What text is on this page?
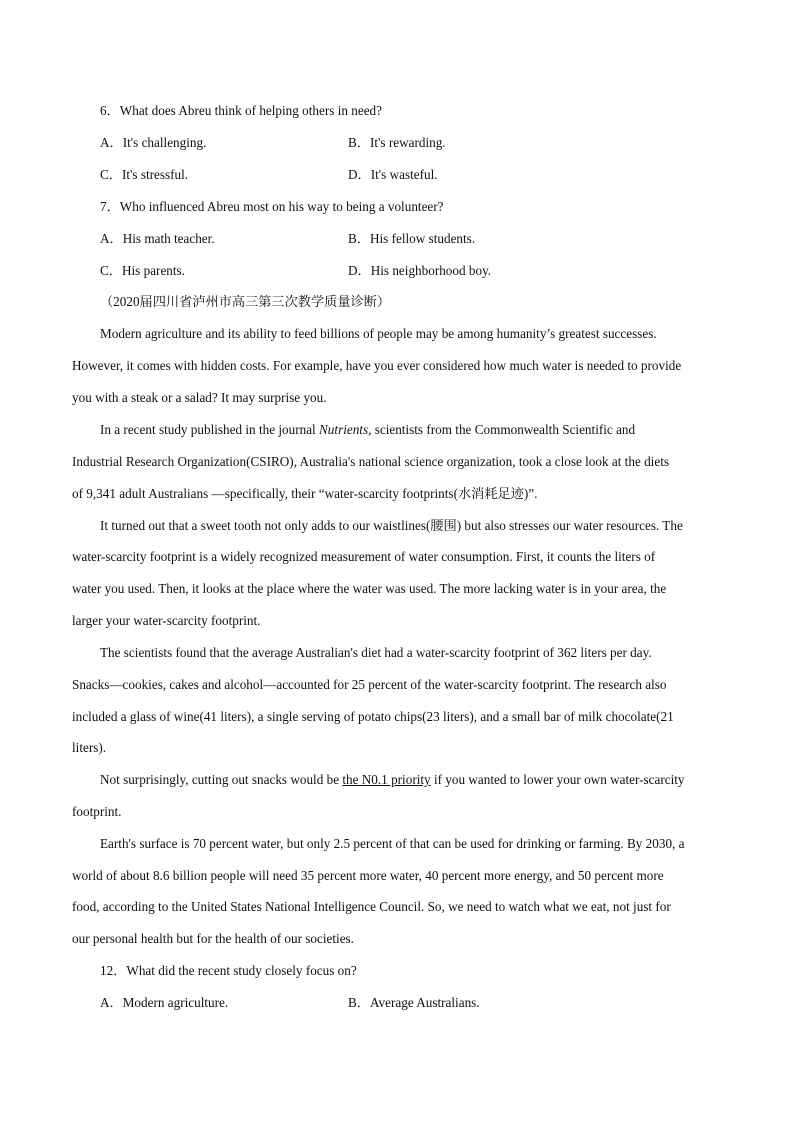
6．What does Abreu think of helping others in need?
A．It's challenging.	B．It's rewarding.
C．It's stressful.	D．It's wasteful.
7．Who influenced Abreu most on his way to being a volunteer?
A．His math teacher.	B．His fellow students.
C．His parents.	D．His neighborhood boy.
（2020届四川省泸州市高三第三次教学质量诊断）
Modern agriculture and its ability to feed billions of people may be among humanity’s greatest successes.
However, it comes with hidden costs. For example, have you ever considered how much water is needed to provide
you with a steak or a salad? It may surprise you.
In a recent study published in the journal Nutrients, scientists from the Commonwealth Scientific and
Industrial Research Organization(CSIRO), Australia's national science organization, took a close look at the diets
of 9,341 adult Australians —specifically, their “water-scarcity footprints(水消耗足迹)”.
It turned out that a sweet tooth not only adds to our waistlines(腰围) but also stresses our water resources. The
water-scarcity footprint is a widely recognized measurement of water consumption. First, it counts the liters of
water you used. Then, it looks at the place where the water was used. The more lacking water is in your area, the
larger your water-scarcity footprint.
The scientists found that the average Australian's diet had a water-scarcity footprint of 362 liters per day.
Snacks—cookies, cakes and alcohol—accounted for 25 percent of the water-scarcity footprint. The research also
included a glass of wine(41 liters), a single serving of potato chips(23 liters), and a small bar of milk chocolate(21
liters).
Not surprisingly, cutting out snacks would be the N0.1 priority if you wanted to lower your own water-scarcity
footprint.
Earth's surface is 70 percent water, but only 2.5 percent of that can be used for drinking or farming. By 2030, a
world of about 8.6 billion people will need 35 percent more water, 40 percent more energy, and 50 percent more
food, according to the United States National Intelligence Council. So, we need to watch what we eat, not just for
our personal health but for the health of our societies.
12．What did the recent study closely focus on?
A．Modern agriculture.	B．Average Australians.
